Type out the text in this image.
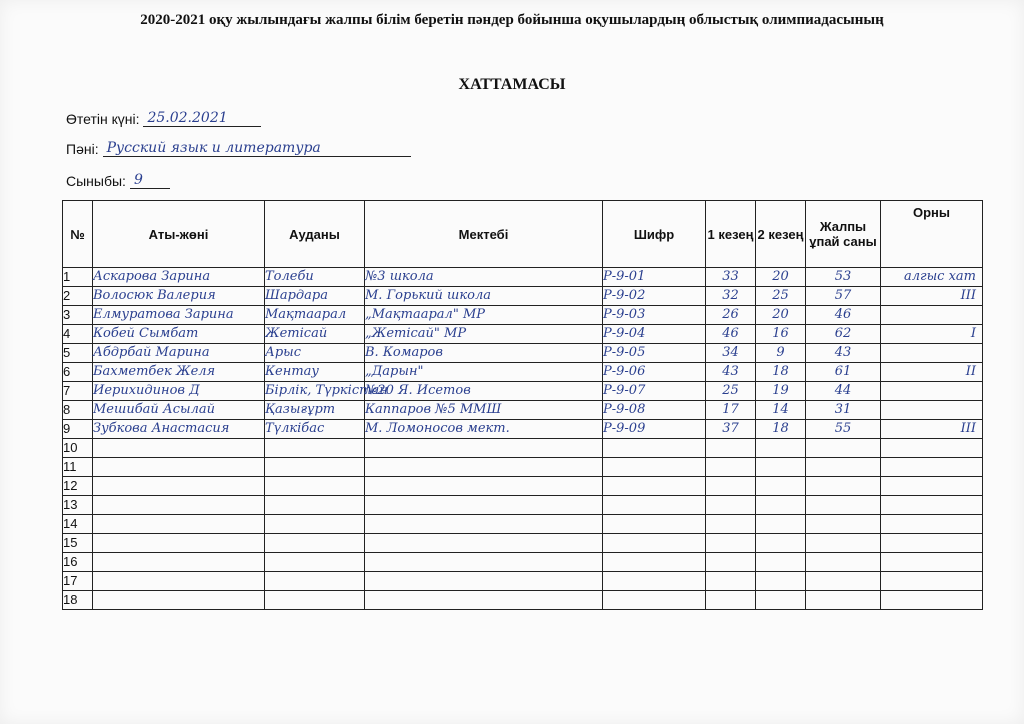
2020-2021 оқу жылындағы жалпы білім беретін пәндер бойынша оқушылардың облыстық олимпиадасының
ХАТТАМАСЫ
Өтетін күні: 25.02.2021
Пәні: Русский язык и литература
Сыныбы: 9
№	Аты-жөні	Ауданы	Мектебі	Шифр	1 кезең	2 кезең	Жалпы ұпай саны	Орны
1	Аскарова Зарина	Толеби	№3 школа	Р-9-01	33	20	53	алгыс хат
2	Волосюк Валерия	Шардара	М. Горький школа	Р-9-02	32	25	57	III
3	Елмуратова Зарина	Мақтаарал	„Мақтаарал" МР	Р-9-03	26	20	46	
4	Кобей Сымбат	Жетісай	„Жетісай" МР	Р-9-04	46	16	62	I
5	Абдрбай Марина	Арыс	В. Комаров	Р-9-05	34	9	43	
6	Бахметбек Желя	Кентау	„Дарын"	Р-9-06	43	18	61	II
7	Иерихидинов Д	Бірлік, Түркістан	№20 Я. Исетов	Р-9-07	25	19	44	
8	Мешибай Асылай	Қазығұрт	Каппаров №5 ММШ	Р-9-08	17	14	31	
9	Зубкова Анастасия	Түлкібас	М. Ломоносов мект.	Р-9-09	37	18	55	III
10								
11								
12								
13								
14								
15								
16								
17								
18								
